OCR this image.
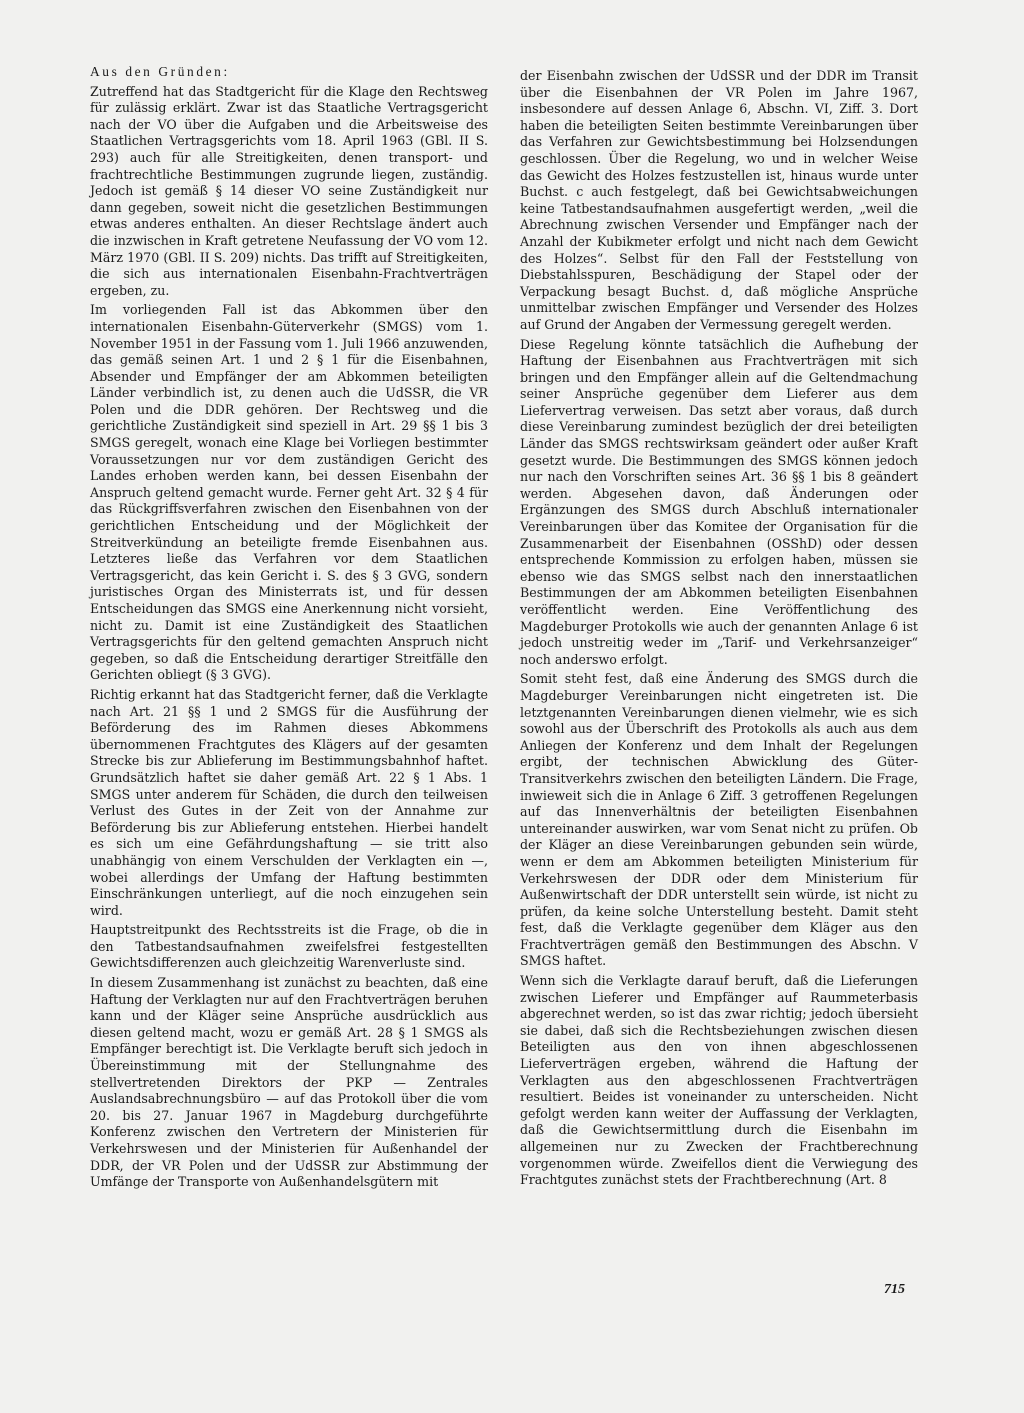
Aus den Gründen:

Zutreffend hat das Stadtgericht für die Klage den Rechtsweg für zulässig erklärt. Zwar ist das Staatliche Vertragsgericht nach der VO über die Aufgaben und die Arbeitsweise des Staatlichen Vertragsgerichts vom 18. April 1963 (GBl. II S. 293) auch für alle Streitigkeiten, denen transport- und frachtrechtliche Bestimmungen zugrunde liegen, zuständig. Jedoch ist gemäß § 14 dieser VO seine Zuständigkeit nur dann gegeben, soweit nicht die gesetzlichen Bestimmungen etwas anderes enthalten. An dieser Rechtslage ändert auch die inzwischen in Kraft getretene Neufassung der VO vom 12. März 1970 (GBl. II S. 209) nichts. Das trifft auf Streitigkeiten, die sich aus internationalen Eisenbahn-Frachtverträgen ergeben, zu.

Im vorliegenden Fall ist das Abkommen über den internationalen Eisenbahn-Güterverkehr (SMGS) vom 1. November 1951 in der Fassung vom 1. Juli 1966 anzuwenden, das gemäß seinen Art. 1 und 2 § 1 für die Eisenbahnen, Absender und Empfänger der am Abkommen beteiligten Länder verbindlich ist, zu denen auch die UdSSR, die VR Polen und die DDR gehören. Der Rechtsweg und die gerichtliche Zuständigkeit sind speziell in Art. 29 §§ 1 bis 3 SMGS geregelt, wonach eine Klage bei Vorliegen bestimmter Voraussetzungen nur vor dem zuständigen Gericht des Landes erhoben werden kann, bei dessen Eisenbahn der Anspruch geltend gemacht wurde. Ferner geht Art. 32 § 4 für das Rückgriffsverfahren zwischen den Eisenbahnen von der gerichtlichen Entscheidung und der Möglichkeit der Streitverkündung an beteiligte fremde Eisenbahnen aus. Letzteres ließe das Verfahren vor dem Staatlichen Vertragsgericht, das kein Gericht i. S. des § 3 GVG, sondern juristisches Organ des Ministerrats ist, und für dessen Entscheidungen das SMGS eine Anerkennung nicht vorsieht, nicht zu. Damit ist eine Zuständigkeit des Staatlichen Vertragsgerichts für den geltend gemachten Anspruch nicht gegeben, so daß die Entscheidung derartiger Streitfälle den Gerichten obliegt (§ 3 GVG).

Richtig erkannt hat das Stadtgericht ferner, daß die Verklagte nach Art. 21 §§ 1 und 2 SMGS für die Ausführung der Beförderung des im Rahmen dieses Abkommens übernommenen Frachtgutes des Klägers auf der gesamten Strecke bis zur Ablieferung im Bestimmungsbahnhof haftet. Grundsätzlich haftet sie daher gemäß Art. 22 § 1 Abs. 1 SMGS unter anderem für Schäden, die durch den teilweisen Verlust des Gutes in der Zeit von der Annahme zur Beförderung bis zur Ablieferung entstehen. Hierbei handelt es sich um eine Gefährdungshaftung — sie tritt also unabhängig von einem Verschulden der Verklagten ein —, wobei allerdings der Umfang der Haftung bestimmten Einschränkungen unterliegt, auf die noch einzugehen sein wird.

Hauptstreitpunkt des Rechtsstreits ist die Frage, ob die in den Tatbestandsaufnahmen zweifelsfrei festgestellten Gewichtsdifferenzen auch gleichzeitig Warenverluste sind.

In diesem Zusammenhang ist zunächst zu beachten, daß eine Haftung der Verklagten nur auf den Frachtverträgen beruhen kann und der Kläger seine Ansprüche ausdrücklich aus diesen geltend macht, wozu er gemäß Art. 28 § 1 SMGS als Empfänger berechtigt ist. Die Verklagte beruft sich jedoch in Übereinstimmung mit der Stellungnahme des stellvertretenden Direktors der PKP — Zentrales Auslandsabrechnungsbüro — auf das Protokoll über die vom 20. bis 27. Januar 1967 in Magdeburg durchgeführte Konferenz zwischen den Vertretern der Ministerien für Verkehrswesen und der Ministerien für Außenhandel der DDR, der VR Polen und der UdSSR zur Abstimmung der Umfänge der Transporte von Außenhandelsgütern mit

der Eisenbahn zwischen der UdSSR und der DDR im Transit über die Eisenbahnen der VR Polen im Jahre 1967, insbesondere auf dessen Anlage 6, Abschn. VI, Ziff. 3. Dort haben die beteiligten Seiten bestimmte Vereinbarungen über das Verfahren zur Gewichtsbestimmung bei Holzsendungen geschlossen. Über die Regelung, wo und in welcher Weise das Gewicht des Holzes festzustellen ist, hinaus wurde unter Buchst. c auch festgelegt, daß bei Gewichtsabweichungen keine Tatbestandsaufnahmen ausgefertigt werden, „weil die Abrechnung zwischen Versender und Empfänger nach der Anzahl der Kubikmeter erfolgt und nicht nach dem Gewicht des Holzes“. Selbst für den Fall der Feststellung von Diebstahlsspuren, Beschädigung der Stapel oder der Verpackung besagt Buchst. d, daß mögliche Ansprüche unmittelbar zwischen Empfänger und Versender des Holzes auf Grund der Angaben der Vermessung geregelt werden.

Diese Regelung könnte tatsächlich die Aufhebung der Haftung der Eisenbahnen aus Frachtverträgen mit sich bringen und den Empfänger allein auf die Geltendmachung seiner Ansprüche gegenüber dem Lieferer aus dem Liefervertrag verweisen. Das setzt aber voraus, daß durch diese Vereinbarung zumindest bezüglich der drei beteiligten Länder das SMGS rechtswirksam geändert oder außer Kraft gesetzt wurde. Die Bestimmungen des SMGS können jedoch nur nach den Vorschriften seines Art. 36 §§ 1 bis 8 geändert werden. Abgesehen davon, daß Änderungen oder Ergänzungen des SMGS durch Abschluß internationaler Vereinbarungen über das Komitee der Organisation für die Zusammenarbeit der Eisenbahnen (OSShD) oder dessen entsprechende Kommission zu erfolgen haben, müssen sie ebenso wie das SMGS selbst nach den innerstaatlichen Bestimmungen der am Abkommen beteiligten Eisenbahnen veröffentlicht werden. Eine Veröffentlichung des Magdeburger Protokolls wie auch der genannten Anlage 6 ist jedoch unstreitig weder im „Tarif- und Verkehrsanzeiger“ noch anderswo erfolgt.

Somit steht fest, daß eine Änderung des SMGS durch die Magdeburger Vereinbarungen nicht eingetreten ist. Die letztgenannten Vereinbarungen dienen vielmehr, wie es sich sowohl aus der Überschrift des Protokolls als auch aus dem Anliegen der Konferenz und dem Inhalt der Regelungen ergibt, der technischen Abwicklung des Güter-Transitverkehrs zwischen den beteiligten Ländern. Die Frage, inwieweit sich die in Anlage 6 Ziff. 3 getroffenen Regelungen auf das Innenverhältnis der beteiligten Eisenbahnen untereinander auswirken, war vom Senat nicht zu prüfen. Ob der Kläger an diese Vereinbarungen gebunden sein würde, wenn er dem am Abkommen beteiligten Ministerium für Verkehrswesen der DDR oder dem Ministerium für Außenwirtschaft der DDR unterstellt sein würde, ist nicht zu prüfen, da keine solche Unterstellung besteht. Damit steht fest, daß die Verklagte gegenüber dem Kläger aus den Frachtverträgen gemäß den Bestimmungen des Abschn. V SMGS haftet.

Wenn sich die Verklagte darauf beruft, daß die Lieferungen zwischen Lieferer und Empfänger auf Raummeterbasis abgerechnet werden, so ist das zwar richtig; jedoch übersieht sie dabei, daß sich die Rechtsbeziehungen zwischen diesen Beteiligten aus den von ihnen abgeschlossenen Lieferverträgen ergeben, während die Haftung der Verklagten aus den abgeschlossenen Frachtverträgen resultiert. Beides ist voneinander zu unterscheiden. Nicht gefolgt werden kann weiter der Auffassung der Verklagten, daß die Gewichtsermittlung durch die Eisenbahn im allgemeinen nur zu Zwecken der Frachtberechnung vorgenommen würde. Zweifellos dient die Verwiegung des Frachtgutes zunächst stets der Frachtberechnung (Art. 8

715
